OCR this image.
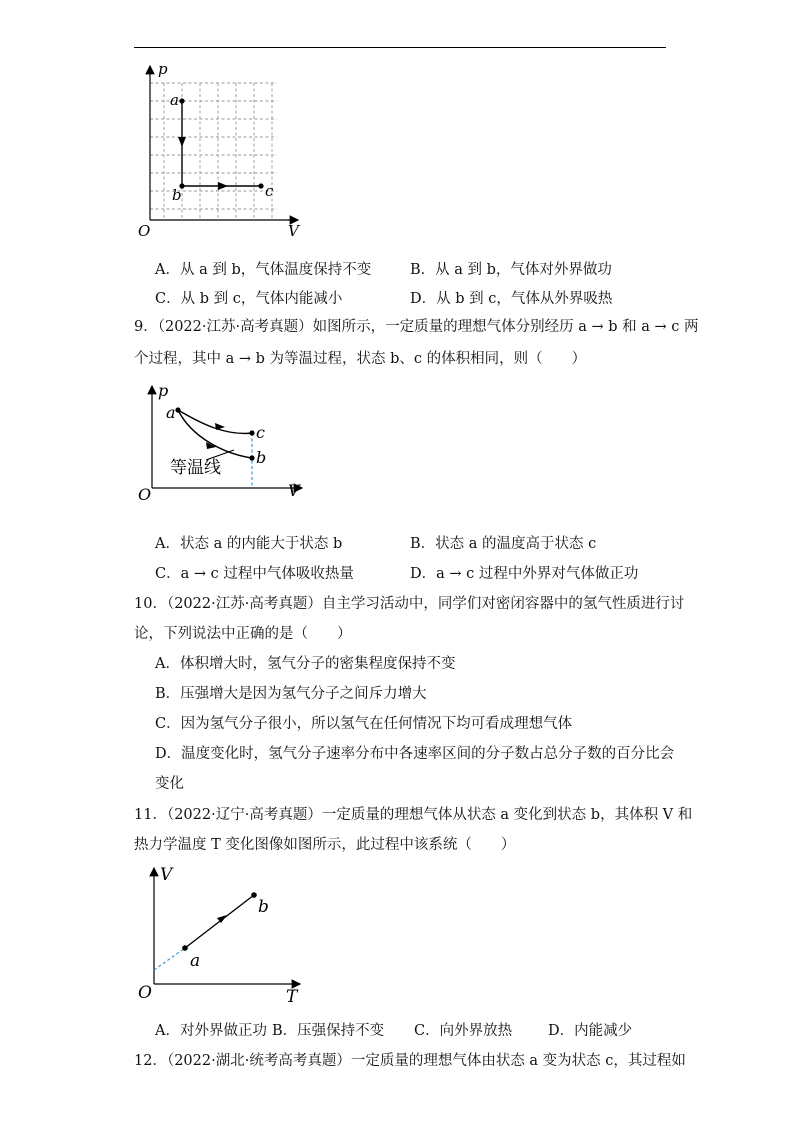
p
a
b	c
O	V
A．从 a 到 b，气体温度保持不变	B．从 a 到 b，气体对外界做功
C．从 b 到 c，气体内能减小	D．从 b 到 c，气体从外界吸热
9．（2022·江苏·高考真题）如图所示，一定质量的理想气体分别经历 a → b 和 a → c 两
个过程，其中 a → b 为等温过程，状态 b、c 的体积相同，则（　　）
p
a
c
b
等温线
O	V
A．状态 a 的内能大于状态 b	B．状态 a 的温度高于状态 c
C．a → c 过程中气体吸收热量	D．a → c 过程中外界对气体做正功
10．（2022·江苏·高考真题）自主学习活动中，同学们对密闭容器中的氢气性质进行讨
论，下列说法中正确的是（　　）
A．体积增大时，氢气分子的密集程度保持不变
B．压强增大是因为氢气分子之间斥力增大
C．因为氢气分子很小，所以氢气在任何情况下均可看成理想气体
D．温度变化时，氢气分子速率分布中各速率区间的分子数占总分子数的百分比会
变化
11．（2022·辽宁·高考真题）一定质量的理想气体从状态 a 变化到状态 b，其体积 V 和
热力学温度 T 变化图像如图所示，此过程中该系统（　　）
V
a
b
O	T
A．对外界做正功 B．压强保持不变 C．向外界放热 D．内能减少
12．（2022·湖北·统考高考真题）一定质量的理想气体由状态 a 变为状态 c，其过程如
